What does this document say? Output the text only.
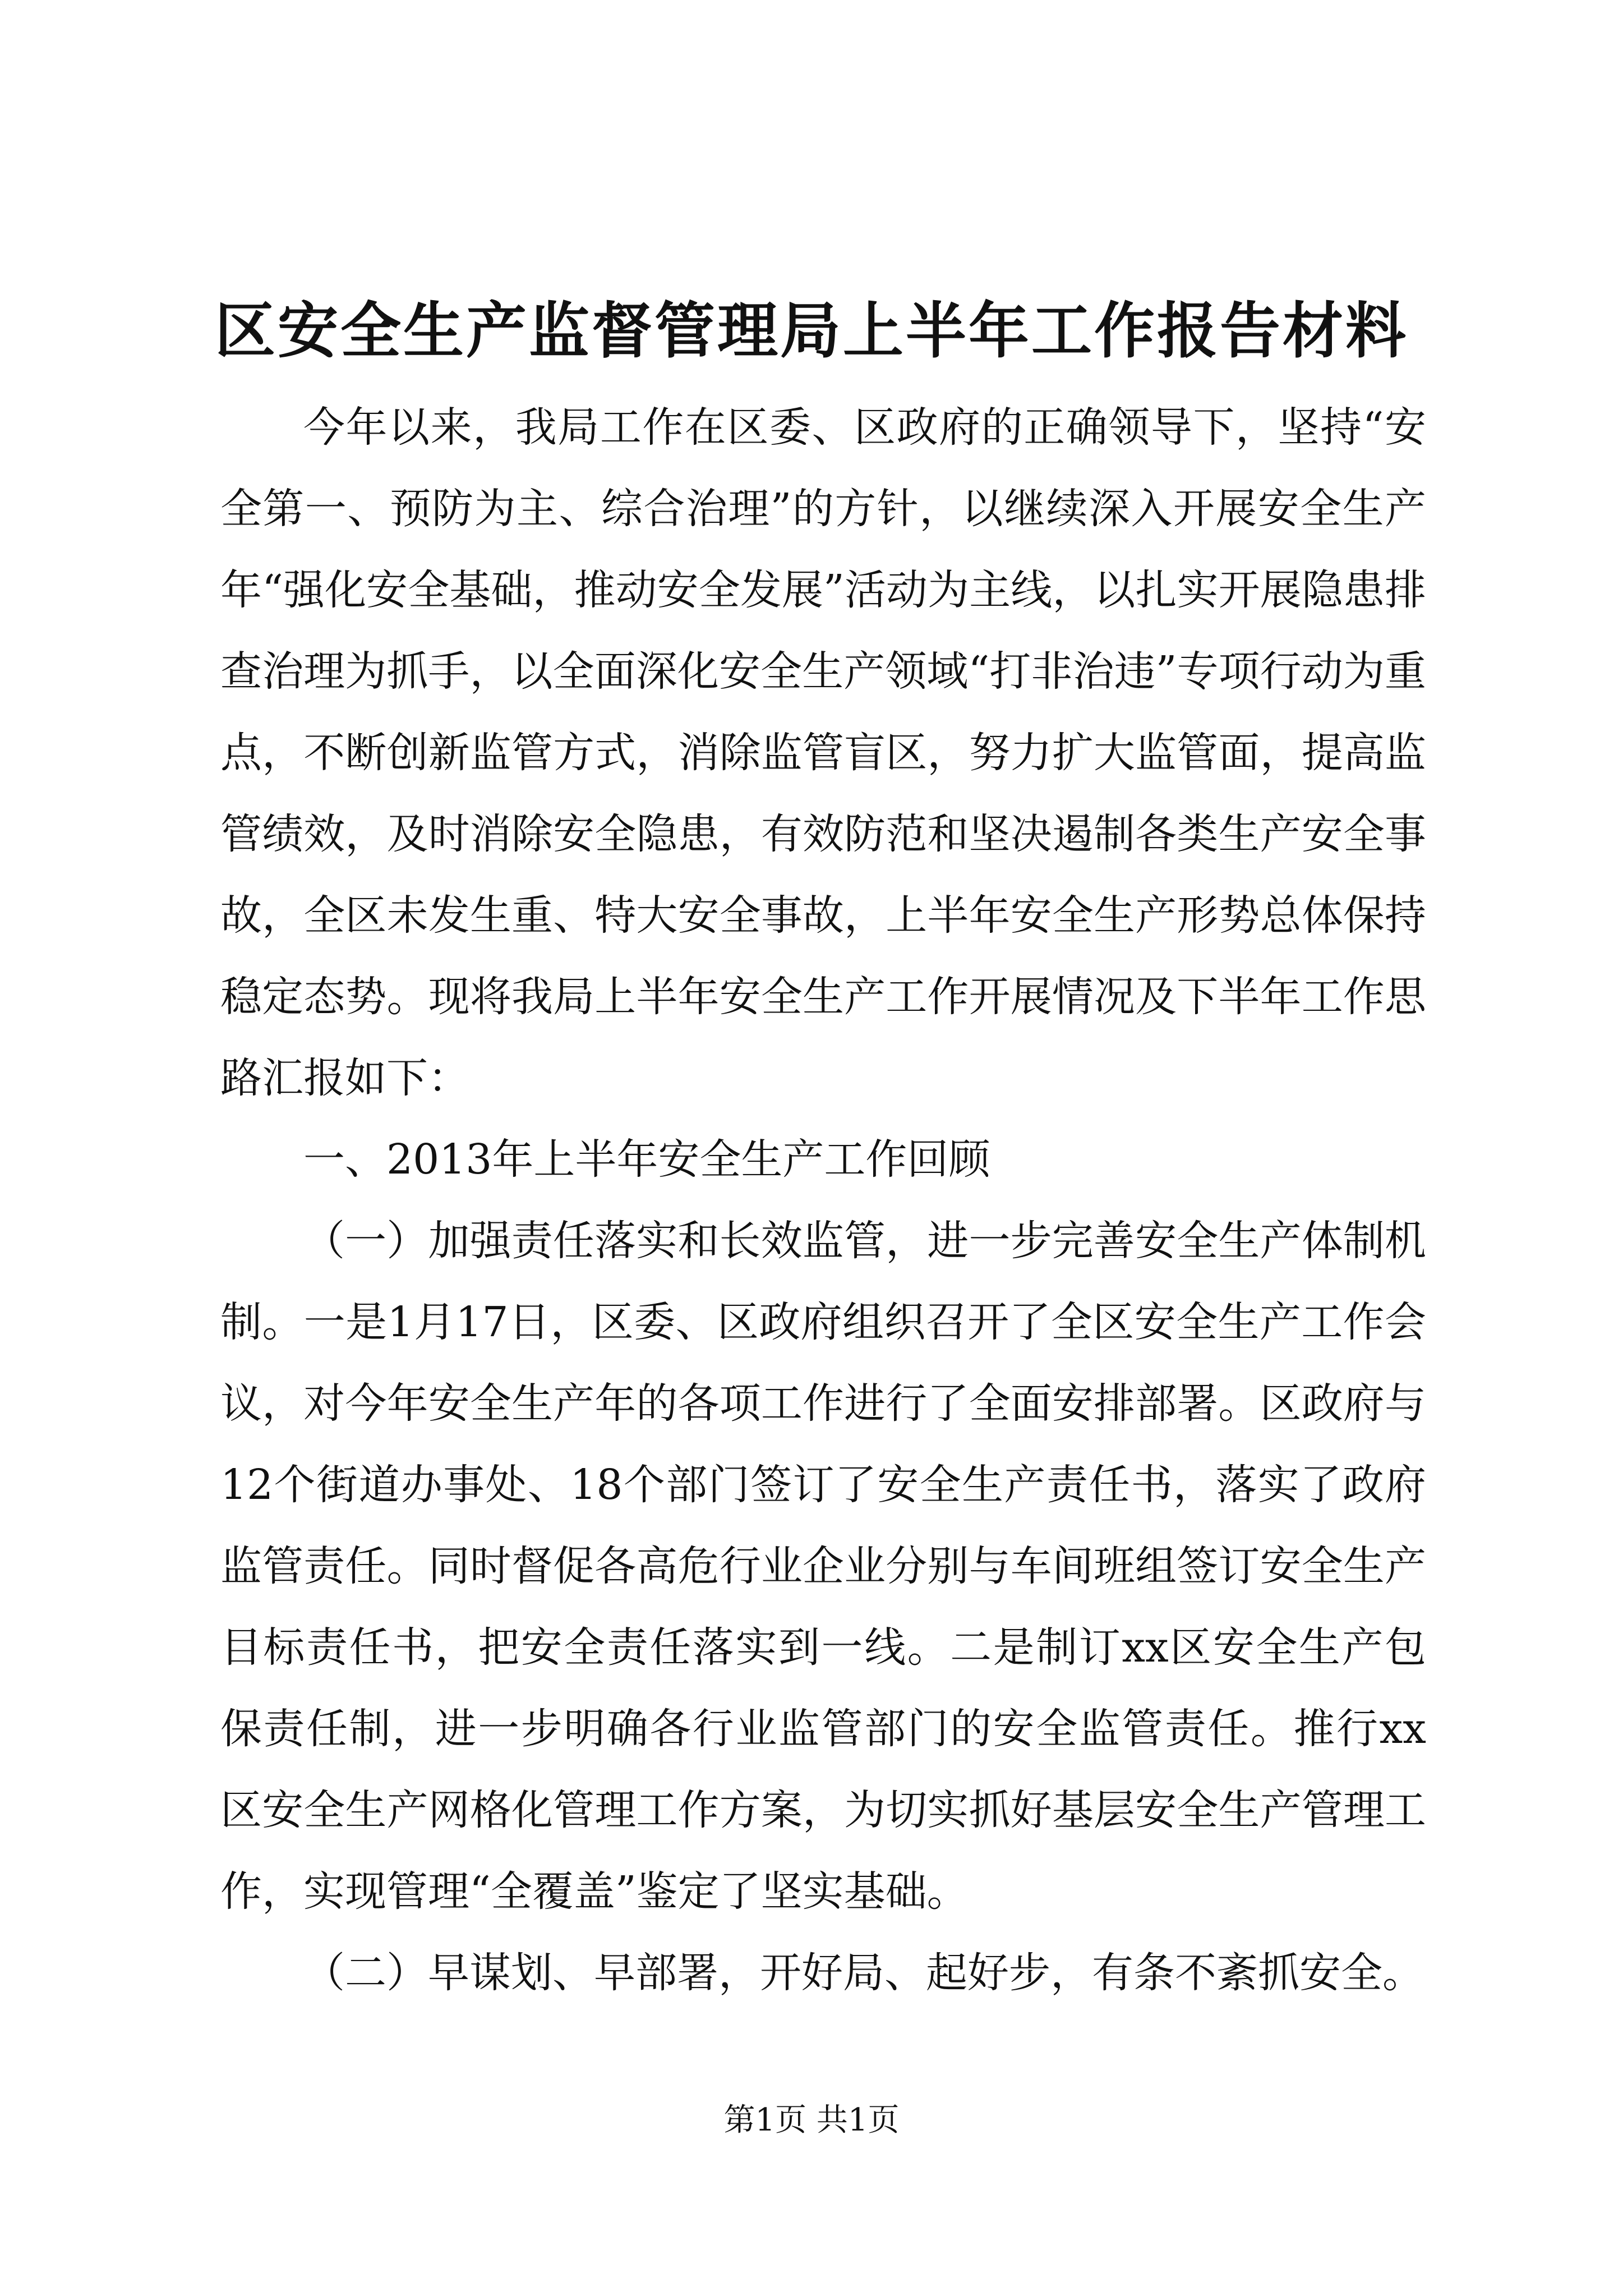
区安全生产监督管理局上半年工作报告材料

今年以来，我局工作在区委、区政府的正确领导下，坚持“安全第一、预防为主、综合治理”的方针，以继续深入开展安全生产年“强化安全基础，推动安全发展”活动为主线，以扎实开展隐患排查治理为抓手，以全面深化安全生产领域“打非治违”专项行动为重点，不断创新监管方式，消除监管盲区，努力扩大监管面，提高监管绩效，及时消除安全隐患，有效防范和坚决遏制各类生产安全事故，全区未发生重、特大安全事故，上半年安全生产形势总体保持稳定态势。现将我局上半年安全生产工作开展情况及下半年工作思路汇报如下：

一、2013年上半年安全生产工作回顾

（一）加强责任落实和长效监管，进一步完善安全生产体制机制。一是1月17日，区委、区政府组织召开了全区安全生产工作会议，对今年安全生产年的各项工作进行了全面安排部署。区政府与12个街道办事处、18个部门签订了安全生产责任书，落实了政府监管责任。同时督促各高危行业企业分别与车间班组签订安全生产目标责任书，把安全责任落实到一线。二是制订xx区安全生产包保责任制，进一步明确各行业监管部门的安全监管责任。推行xx区安全生产网格化管理工作方案，为切实抓好基层安全生产管理工作，实现管理“全覆盖”鉴定了坚实基础。

（二）早谋划、早部署，开好局、起好步，有条不紊抓安全。

第1页 共1页
